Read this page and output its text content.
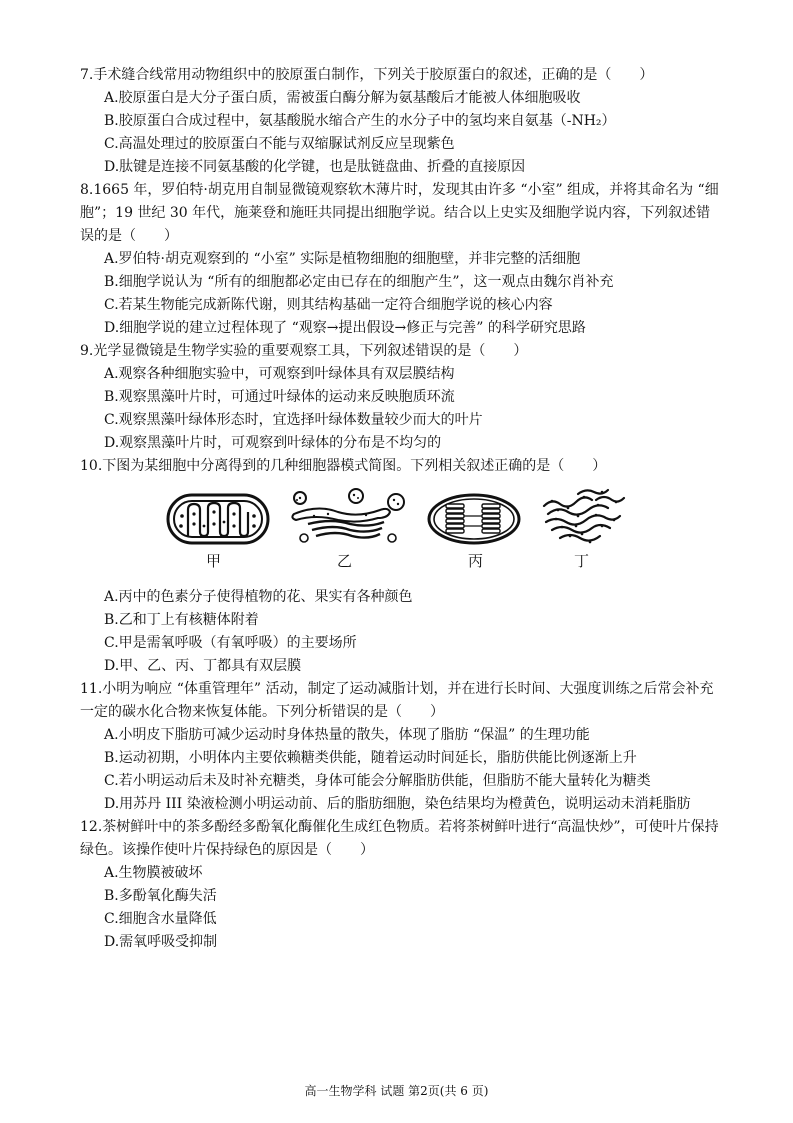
7.手术缝合线常用动物组织中的胶原蛋白制作，下列关于胶原蛋白的叙述，正确的是（　　）

A.胶原蛋白是大分子蛋白质，需被蛋白酶分解为氨基酸后才能被人体细胞吸收

B.胶原蛋白合成过程中，氨基酸脱水缩合产生的水分子中的氢均来自氨基（-NH₂）

C.高温处理过的胶原蛋白不能与双缩脲试剂反应呈现紫色

D.肽键是连接不同氨基酸的化学键，也是肽链盘曲、折叠的直接原因

8.1665 年，罗伯特·胡克用自制显微镜观察软木薄片时，发现其由许多 “小室” 组成，并将其命名为 “细胞”；19 世纪 30 年代，施莱登和施旺共同提出细胞学说。结合以上史实及细胞学说内容，下列叙述错误的是（　　）

A.罗伯特·胡克观察到的 “小室” 实际是植物细胞的细胞壁，并非完整的活细胞

B.细胞学说认为 “所有的细胞都必定由已存在的细胞产生”，这一观点由魏尔肖补充

C.若某生物能完成新陈代谢，则其结构基础一定符合细胞学说的核心内容

D.细胞学说的建立过程体现了 “观察→提出假设→修正与完善” 的科学研究思路

9.光学显微镜是生物学实验的重要观察工具，下列叙述错误的是（　　）

A.观察各种细胞实验中，可观察到叶绿体具有双层膜结构

B.观察黑藻叶片时，可通过叶绿体的运动来反映胞质环流

C.观察黑藻叶绿体形态时，宜选择叶绿体数量较少而大的叶片

D.观察黑藻叶片时，可观察到叶绿体的分布是不均匀的

10.下图为某细胞中分离得到的几种细胞器模式简图。下列相关叙述正确的是（　　）

甲	乙	丙	丁

A.丙中的色素分子使得植物的花、果实有各种颜色

B.乙和丁上有核糖体附着

C.甲是需氧呼吸（有氧呼吸）的主要场所

D.甲、乙、丙、丁都具有双层膜

11.小明为响应 “体重管理年” 活动，制定了运动减脂计划，并在进行长时间、大强度训练之后常会补充一定的碳水化合物来恢复体能。下列分析错误的是（　　）

A.小明皮下脂肪可减少运动时身体热量的散失，体现了脂肪 “保温” 的生理功能

B.运动初期，小明体内主要依赖糖类供能，随着运动时间延长，脂肪供能比例逐渐上升

C.若小明运动后未及时补充糖类，身体可能会分解脂肪供能，但脂肪不能大量转化为糖类

D.用苏丹 III 染液检测小明运动前、后的脂肪细胞，染色结果均为橙黄色，说明运动未消耗脂肪

12.茶树鲜叶中的茶多酚经多酚氧化酶催化生成红色物质。若将茶树鲜叶进行“高温快炒”，可使叶片保持绿色。该操作使叶片保持绿色的原因是（　　）

A.生物膜被破坏

B.多酚氧化酶失活

C.细胞含水量降低

D.需氧呼吸受抑制

高一生物学科 试题 第2页(共 6 页)
